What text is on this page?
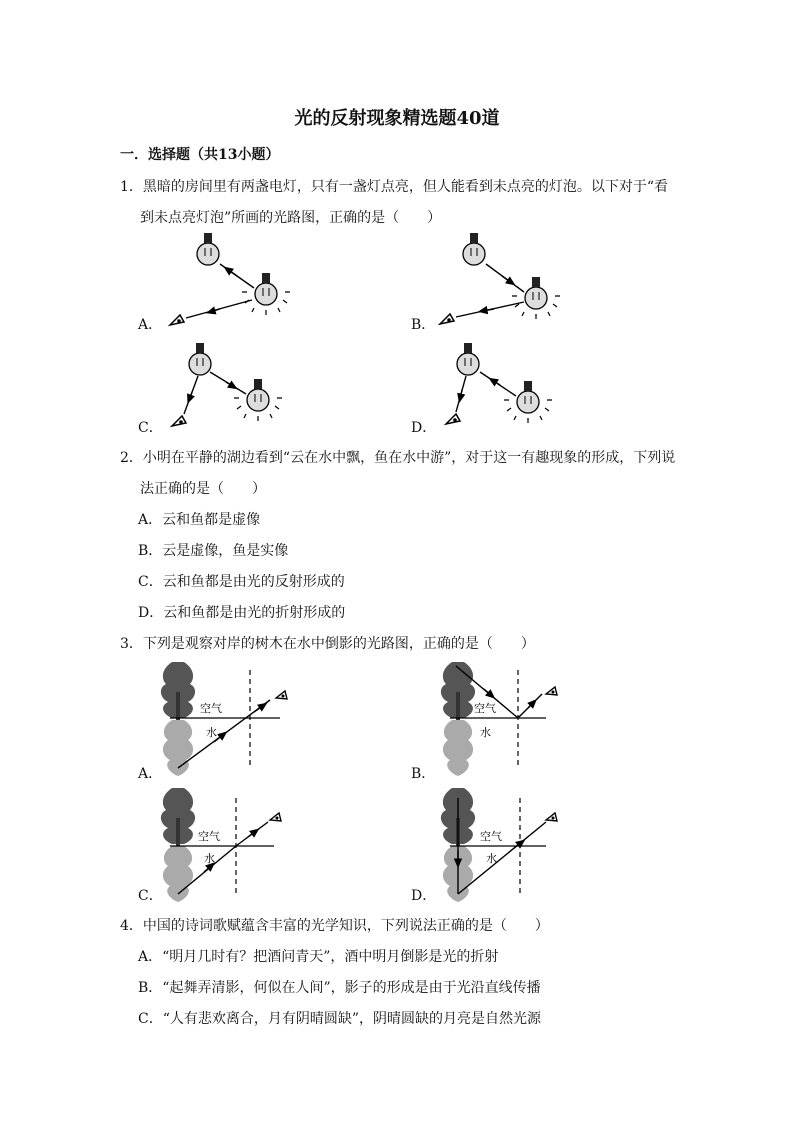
光的反射现象精选题40道
一．选择题（共13小题）
1．黑暗的房间里有两盏电灯，只有一盏灯点亮，但人能看到未点亮的灯泡。以下对于“看
到未点亮灯泡”所画的光路图，正确的是（　　）
A．	B．
C．	D．
2．小明在平静的湖边看到“云在水中飘，鱼在水中游”，对于这一有趣现象的形成，下列说
法正确的是（　　）
A．云和鱼都是虚像
B．云是虚像，鱼是实像
C．云和鱼都是由光的反射形成的
D．云和鱼都是由光的折射形成的
3．下列是观察对岸的树木在水中倒影的光路图，正确的是（　　）
空气
水
空气
水
空气
水
空气
水
A．	B．
C．	D．
4．中国的诗词歌赋蕴含丰富的光学知识，下列说法正确的是（　　）
A．“明月几时有？把酒问青天”，酒中明月倒影是光的折射
B．“起舞弄清影，何似在人间”，影子的形成是由于光沿直线传播
C．“人有悲欢离合，月有阴晴圆缺”，阴晴圆缺的月亮是自然光源
